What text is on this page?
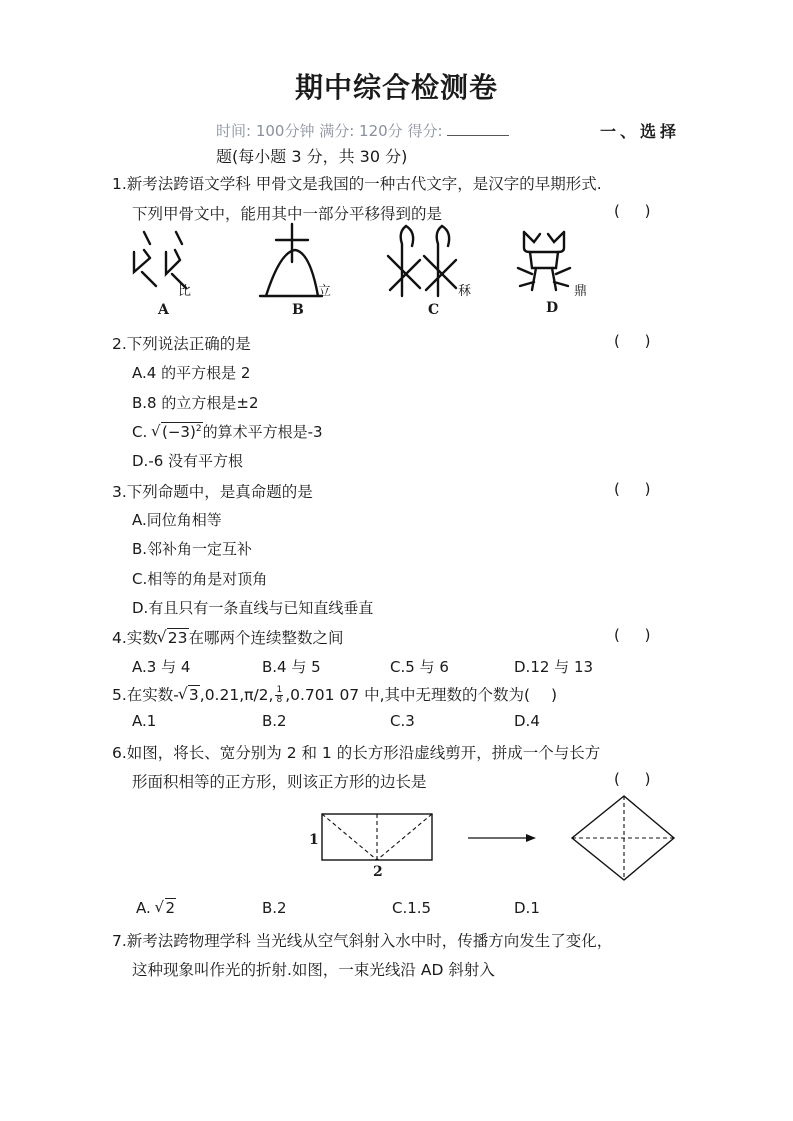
期中综合检测卷
时间: 100分钟 满分: 120分 得分:	一、选择
题(每小题 3 分，共 30 分)
1.新考法跨语文学科 甲骨文是我国的一种古代文字，是汉字的早期形式.
下列甲骨文中，能用其中一部分平移得到的是	( )
比	立	秝	鼎
A	B	C	D
2.下列说法正确的是	( )
A.4 的平方根是 2
B.8 的立方根是±2
C. √ $(-3)^2$的算术平方根是-3
D.-6 没有平方根
3.下列命题中，是真命题的是	( )
A.同位角相等
B.邻补角一定互补
C.相等的角是对顶角
D.有且只有一条直线与已知直线垂直
4.实数 √ 23在哪两个连续整数之间	( )
A.3 与 4	B.4 与 5	C.5 与 6	D.12 与 13
5.在实数- √ 3,0.21,π/2, $\frac{1}{8} ,0.701$ 07 中,其中无理数的个数为( )
A.1	B.2	C.3	D.4
6.如图，将长、宽分别为 2 和 1 的长方形沿虚线剪开，拼成一个与长方
形面积相等的正方形，则该正方形的边长是	( )
1
2
A. √ 2	B.2	C.1.5	D.1
7.新考法跨物理学科 当光线从空气斜射入水中时，传播方向发生了变化，
这种现象叫作光的折射.如图，一束光线沿 AD 斜射入
